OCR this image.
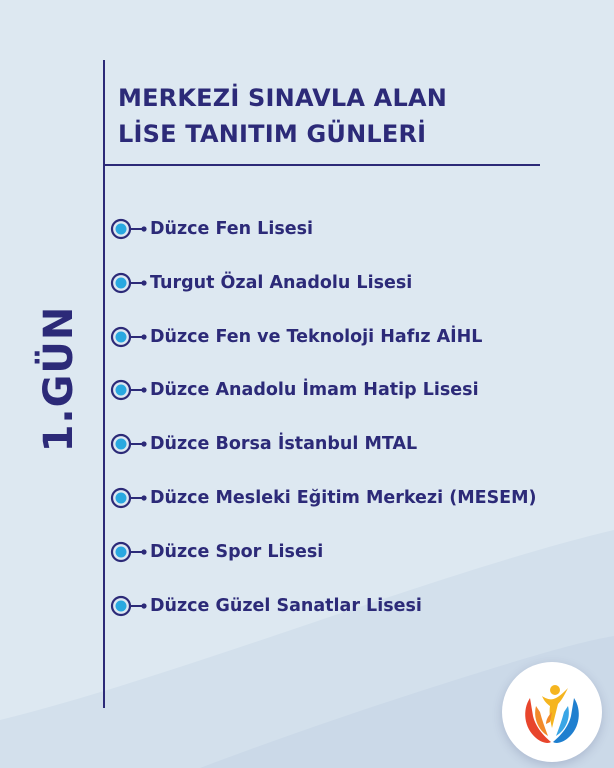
MERKEZİ SINAVLA ALAN
LİSE TANITIM GÜNLERİ
1.GÜN
Düzce Fen Lisesi
Turgut Özal Anadolu Lisesi
Düzce Fen ve Teknoloji Hafız AİHL
Düzce Anadolu İmam Hatip Lisesi
Düzce Borsa İstanbul MTAL
Düzce Mesleki Eğitim Merkezi (MESEM)
Düzce Spor Lisesi
Düzce Güzel Sanatlar Lisesi
